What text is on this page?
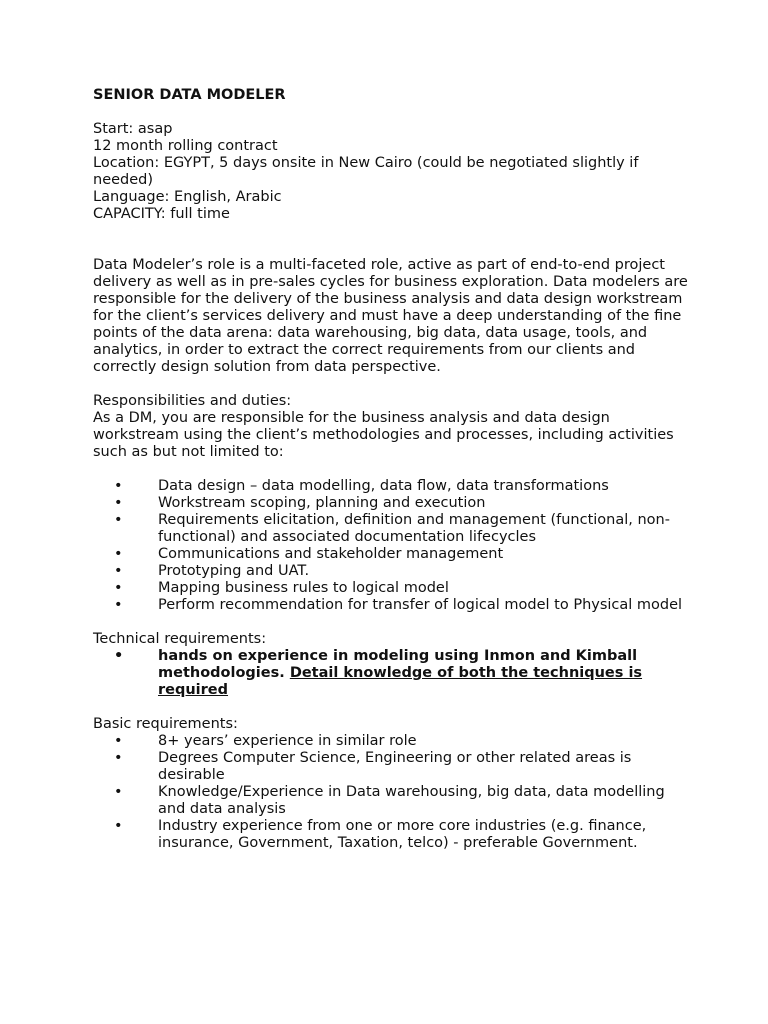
SENIOR DATA MODELER

Start: asap

12 month rolling contract

Location: EGYPT, 5 days onsite in New Cairo (could be negotiated slightly if needed)

Language: English, Arabic

CAPACITY: full time

Data Modeler’s role is a multi-faceted role, active as part of end-to-end project delivery as well as in pre-sales cycles for business exploration. Data modelers are responsible for the delivery of the business analysis and data design workstream for the client’s services delivery and must have a deep understanding of the fine points of the data arena: data warehousing, big data, data usage, tools, and analytics, in order to extract the correct requirements from our clients and correctly design solution from data perspective.

Responsibilities and duties:

As a DM, you are responsible for the business analysis and data design workstream using the client’s methodologies and processes, including activities such as but not limited to:

• Data design – data modelling, data flow, data transformations
• Workstream scoping, planning and execution
• Requirements elicitation, definition and management (functional, non-functional) and associated documentation lifecycles
• Communications and stakeholder management
• Prototyping and UAT.
• Mapping business rules to logical model
• Perform recommendation for transfer of logical model to Physical model

Technical requirements:

• hands on experience in modeling using Inmon and Kimball methodologies. Detail knowledge of both the techniques is required

Basic requirements:

• 8+ years’ experience in similar role
• Degrees Computer Science, Engineering or other related areas is desirable
• Knowledge/Experience in Data warehousing, big data, data modelling and data analysis
• Industry experience from one or more core industries (e.g. finance, insurance, Government, Taxation, telco) - preferable Government.
